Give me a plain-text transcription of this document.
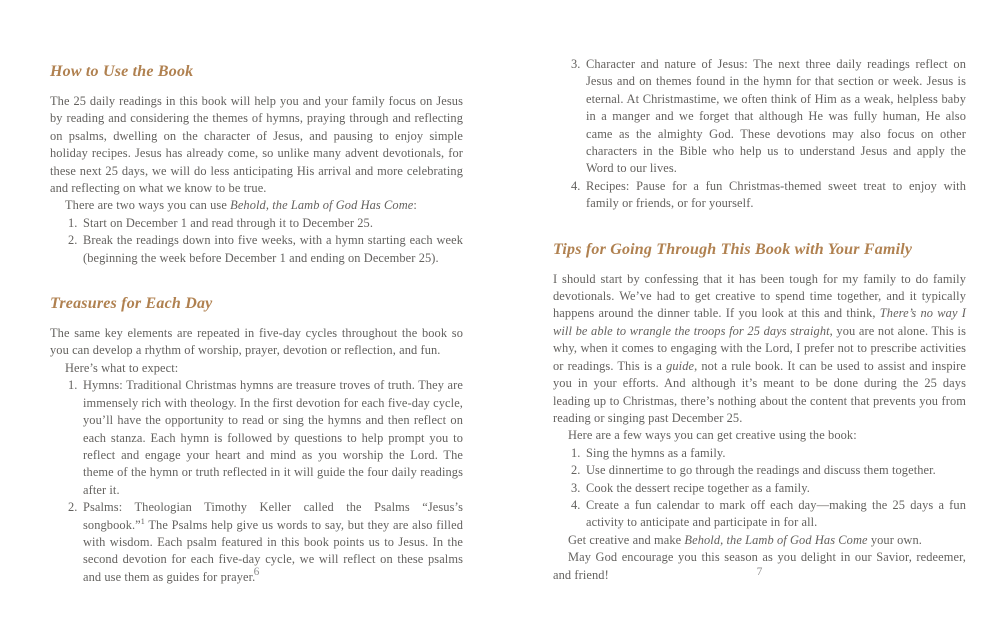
How to Use the Book

The 25 daily readings in this book will help you and your family focus on Jesus by reading and considering the themes of hymns, praying through and reflecting on psalms, dwelling on the character of Jesus, and pausing to enjoy simple holiday recipes. Jesus has already come, so unlike many advent devotionals, for these next 25 days, we will do less anticipating His arrival and more celebrating and reflecting on what we know to be true.

There are two ways you can use Behold, the Lamb of God Has Come:

1. Start on December 1 and read through it to December 25.
2. Break the readings down into five weeks, with a hymn starting each week (beginning the week before December 1 and ending on December 25).
Treasures for Each Day

The same key elements are repeated in five-day cycles throughout the book so you can develop a rhythm of worship, prayer, devotion or reflection, and fun.

Here’s what to expect:

1. Hymns: Traditional Christmas hymns are treasure troves of truth. They are immensely rich with theology. In the first devotion for each five-day cycle, you’ll have the opportunity to read or sing the hymns and then reflect on each stanza. Each hymn is followed by questions to help prompt you to reflect and engage your heart and mind as you worship the Lord. The theme of the hymn or truth reflected in it will guide the four daily readings after it.
2. Psalms: Theologian Timothy Keller called the Psalms “Jesus’s songbook.”$^1$ The Psalms help give us words to say, but they are also filled with wisdom. Each psalm featured in this book points us to Jesus. In the second devotion for each five-day cycle, we will reflect on these psalms and use them as guides for prayer.
3. Character and nature of Jesus: The next three daily readings reflect on Jesus and on themes found in the hymn for that section or week. Jesus is eternal. At Christmastime, we often think of Him as a weak, helpless baby in a manger and we forget that although He was fully human, He also came as the almighty God. These devotions may also focus on other characters in the Bible who help us to understand Jesus and apply the Word to our lives.
4. Recipes: Pause for a fun Christmas-themed sweet treat to enjoy with family or friends, or for yourself.
Tips for Going Through This Book with Your Family

I should start by confessing that it has been tough for my family to do family devotionals. We’ve had to get creative to spend time together, and it typically happens around the dinner table. If you look at this and think, There’s no way I will be able to wrangle the troops for 25 days straight, you are not alone. This is why, when it comes to engaging with the Lord, I prefer not to prescribe activities or readings. This is a guide, not a rule book. It can be used to assist and inspire you in your efforts. And although it’s meant to be done during the 25 days leading up to Christmas, there’s nothing about the content that prevents you from reading or singing past December 25.

Here are a few ways you can get creative using the book:

1. Sing the hymns as a family.
2. Use dinnertime to go through the readings and discuss them together.
3. Cook the dessert recipe together as a family.
4. Create a fun calendar to mark off each day—making the 25 days a fun activity to anticipate and participate in for all.

Get creative and make Behold, the Lamb of God Has Come your own.

May God encourage you this season as you delight in our Savior, redeemer, and friend!

6	7
